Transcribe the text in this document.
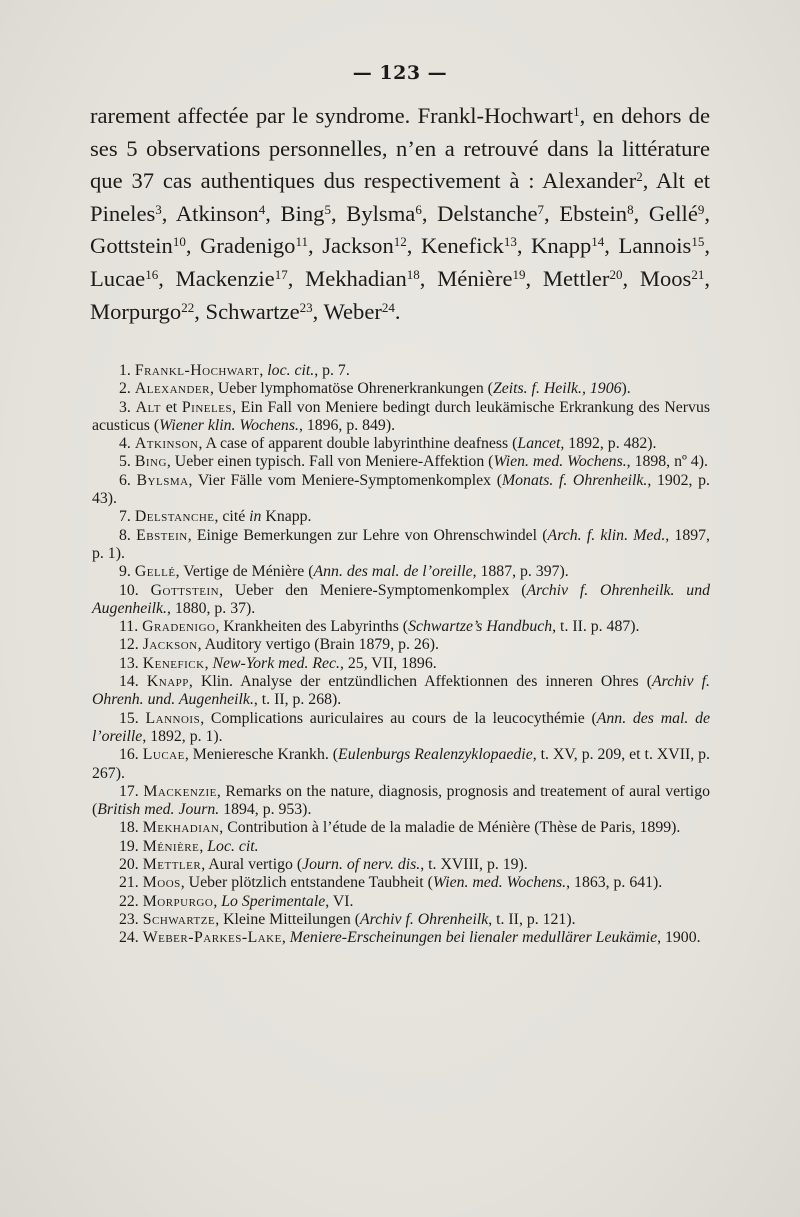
— 123 —

rarement affectée par le syndrome. Frankl-Hochwart$^1$, en dehors de ses 5 observations personnelles, n’en a retrouvé dans la littérature que 37 cas authentiques dus respectivement à : Alexander$^2$, Alt et Pineles$^3$, Atkinson$^4$, Bing$^5$, Bylsma$^6$, Delstanche$^7$, Ebstein$^8$, Gellé$^9$, Gottstein$^{10}$, Gradenigo$^{11}$, Jackson$^{12}$, Kenefick$^{13}$, Knapp$^{14}$, Lannois$^{15}$, Lucae$^{16}$, Mackenzie$^{17}$, Mekhadian$^{18}$, Ménière$^{19}$, Mettler$^{20}$, Moos$^{21}$, Morpurgo$^{22}$, Schwartze$^{23}$, Weber$^{24}$.

1. Frankl-Hochwart, loc. cit., p. 7.

2. Alexander, Ueber lymphomatöse Ohrenerkrankungen (Zeits. f. Heilk., 1906).

3. Alt et Pineles, Ein Fall von Meniere bedingt durch leukämische Erkrankung des Nervus acusticus (Wiener klin. Wochens., 1896, p. 849).

4. Atkinson, A case of apparent double labyrinthine deafness (Lancet, 1892, p. 482).

5. Bing, Ueber einen typisch. Fall von Meniere-Affektion (Wien. med. Wochens., 1898, nº 4).

6. Bylsma, Vier Fälle vom Meniere-Symptomenkomplex (Monats. f. Ohrenheilk., 1902, p. 43).

7. Delstanche, cité in Knapp.

8. Ebstein, Einige Bemerkungen zur Lehre von Ohrenschwindel (Arch. f. klin. Med., 1897, p. 1).

9. Gellé, Vertige de Ménière (Ann. des mal. de l’oreille, 1887, p. 397).

10. Gottstein, Ueber den Meniere-Symptomenkomplex (Archiv f. Ohrenheilk. und Augenheilk., 1880, p. 37).

11. Gradenigo, Krankheiten des Labyrinths (Schwartze’s Handbuch, t. II. p. 487).

12. Jackson, Auditory vertigo (Brain 1879, p. 26).

13. Kenefick, New-York med. Rec., 25, VII, 1896.

14. Knapp, Klin. Analyse der entzündlichen Affektionnen des inneren Ohres (Archiv f. Ohrenh. und. Augenheilk., t. II, p. 268).

15. Lannois, Complications auriculaires au cours de la leucocythémie (Ann. des mal. de l’oreille, 1892, p. 1).

16. Lucae, Menieresche Krankh. (Eulenburgs Realenzyklopaedie, t. XV, p. 209, et t. XVII, p. 267).

17. Mackenzie, Remarks on the nature, diagnosis, prognosis and treatement of aural vertigo (British med. Journ. 1894, p. 953).

18. Mekhadian, Contribution à l’étude de la maladie de Ménière (Thèse de Paris, 1899).

19. Ménière, Loc. cit.

20. Mettler, Aural vertigo (Journ. of nerv. dis., t. XVIII, p. 19).

21. Moos, Ueber plötzlich entstandene Taubheit (Wien. med. Wochens., 1863, p. 641).

22. Morpurgo, Lo Sperimentale, VI.

23. Schwartze, Kleine Mitteilungen (Archiv f. Ohrenheilk, t. II, p. 121).

24. Weber-Parkes-Lake, Meniere-Erscheinungen bei lienaler medullärer Leukämie, 1900.
